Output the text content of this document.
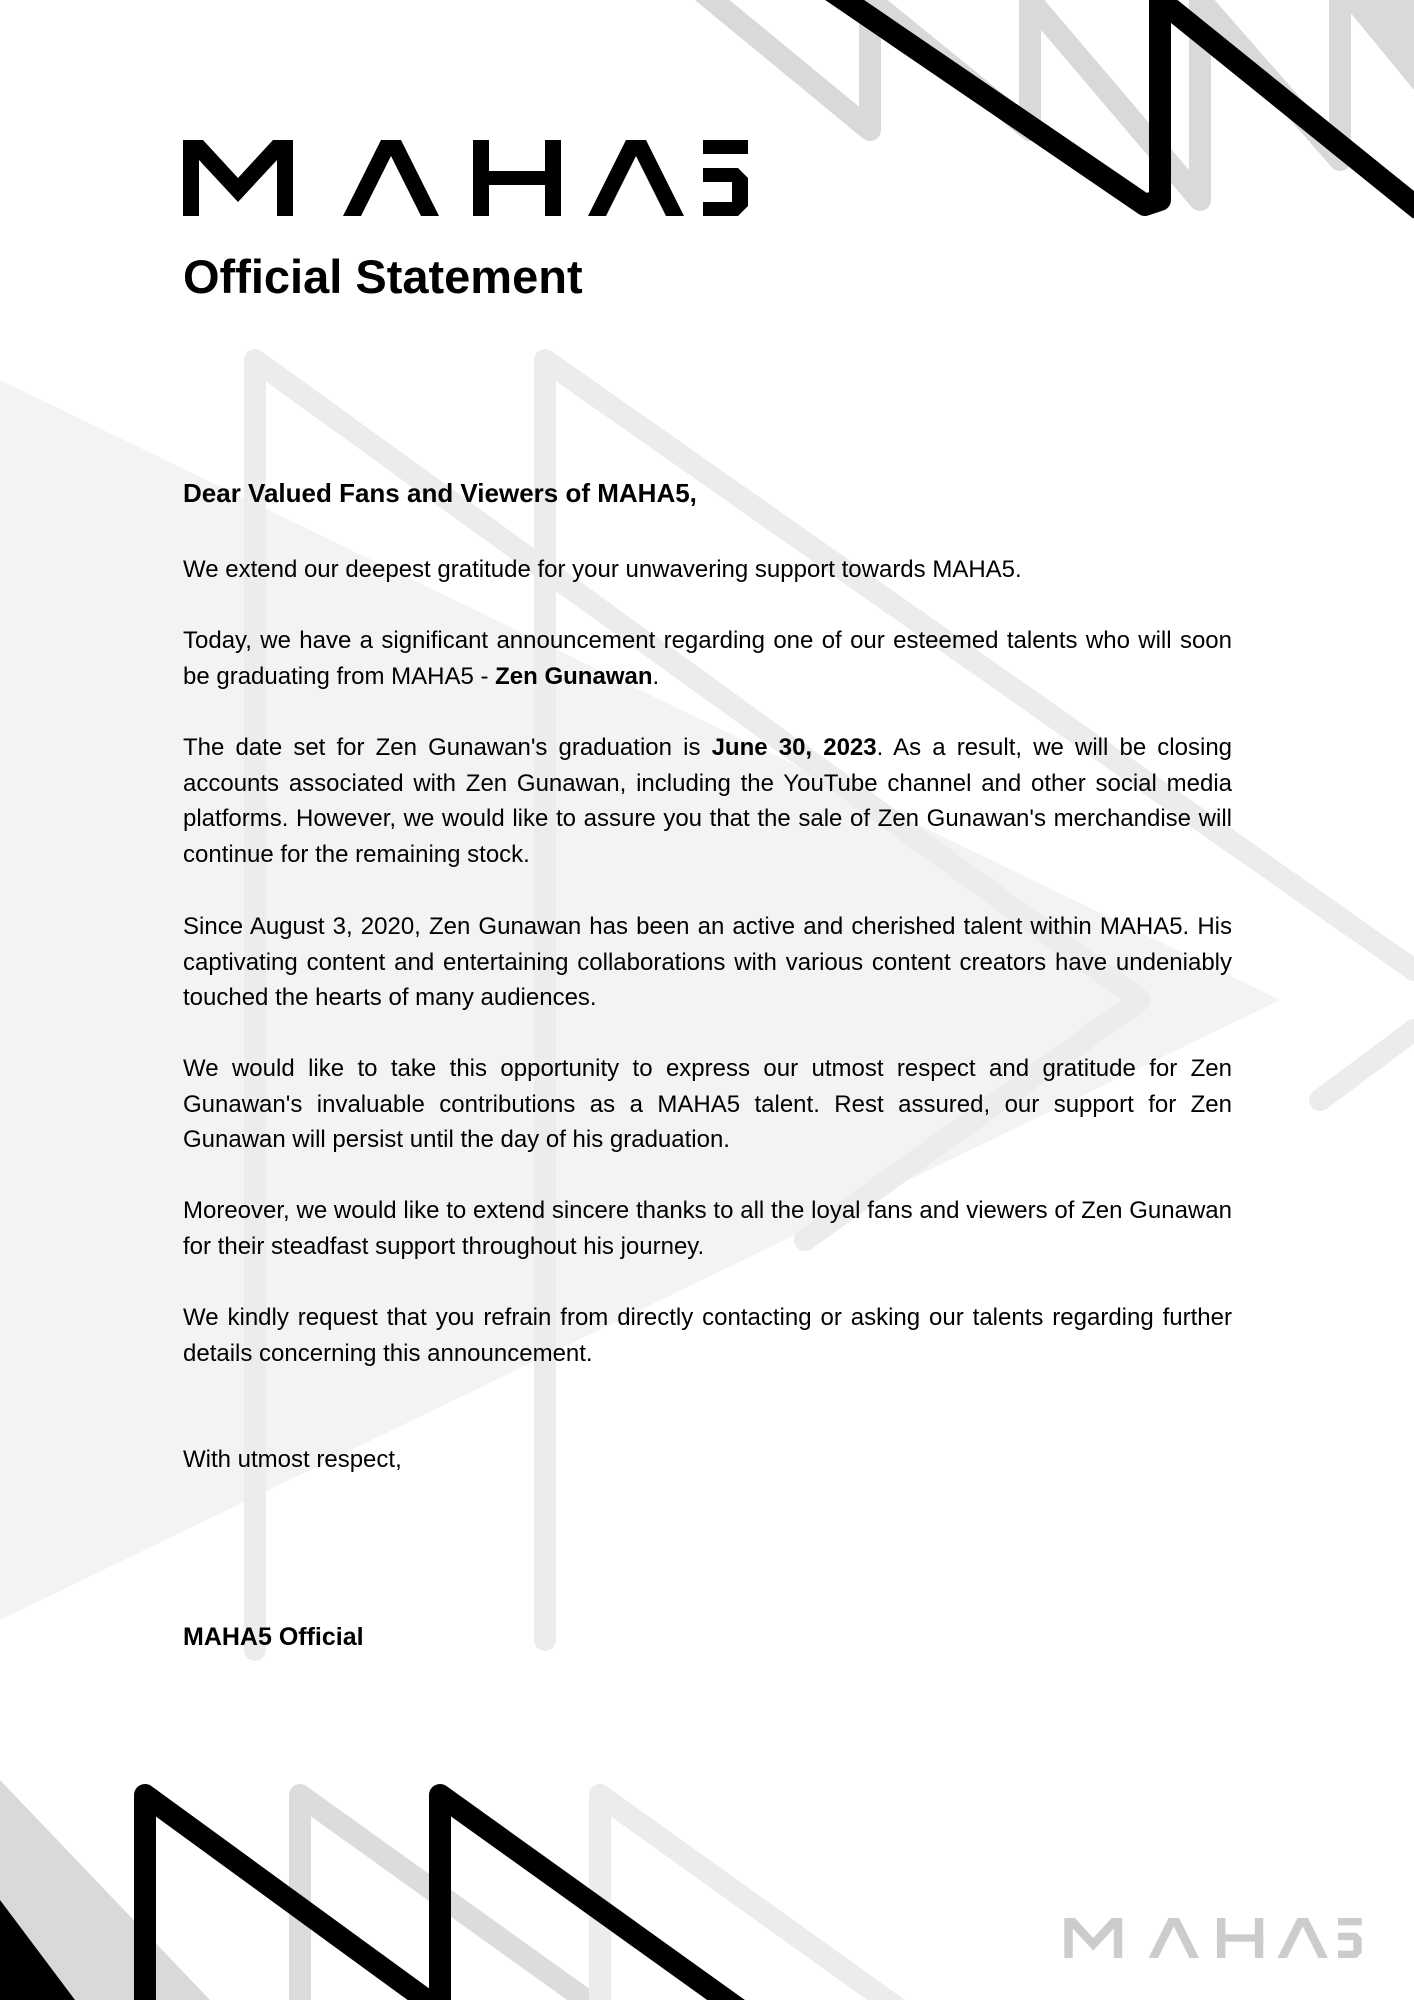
Official Statement

Dear Valued Fans and Viewers of MAHA5,

We extend our deepest gratitude for your unwavering support towards MAHA5.

Today, we have a significant announcement regarding one of our esteemed talents who will soon be graduating from MAHA5 - Zen Gunawan.

The date set for Zen Gunawan's graduation is June 30, 2023. As a result, we will be closing accounts associated with Zen Gunawan, including the YouTube channel and other social media platforms. However, we would like to assure you that the sale of Zen Gunawan's merchandise will continue for the remaining stock.

Since August 3, 2020, Zen Gunawan has been an active and cherished talent within MAHA5. His captivating content and entertaining collaborations with various content creators have undeniably touched the hearts of many audiences.

We would like to take this opportunity to express our utmost respect and gratitude for Zen Gunawan's invaluable contributions as a MAHA5 talent. Rest assured, our support for Zen Gunawan will persist until the day of his graduation.

Moreover, we would like to extend sincere thanks to all the loyal fans and viewers of Zen Gunawan for their steadfast support throughout his journey.

We kindly request that you refrain from directly contacting or asking our talents regarding further details concerning this announcement.

With utmost respect,

MAHA5 Official
